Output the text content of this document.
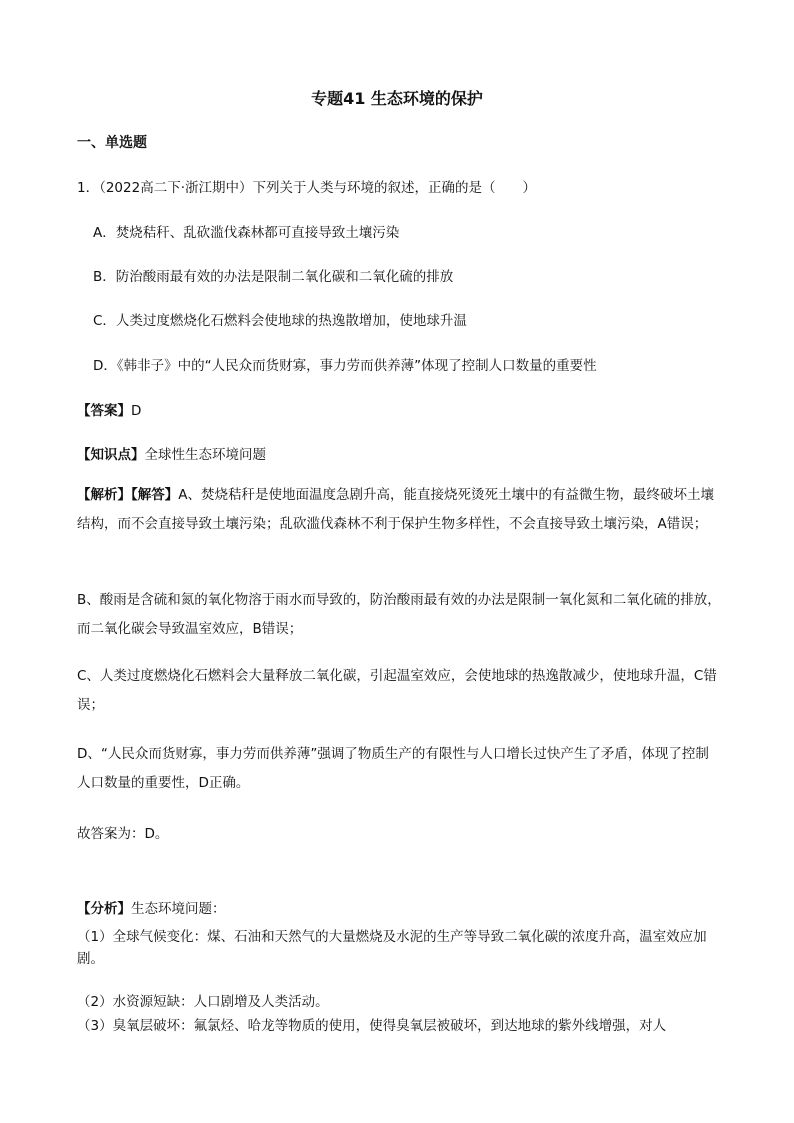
专题41 生态环境的保护
一、单选题
1．（2022高二下·浙江期中）下列关于人类与环境的叙述，正确的是（　　）
A．焚烧秸秆、乱砍滥伐森林都可直接导致土壤污染
B．防治酸雨最有效的办法是限制二氧化碳和二氧化硫的排放
C．人类过度燃烧化石燃料会使地球的热逸散增加，使地球升温
D．《韩非子》中的“人民众而货财寡，事力劳而供养薄”体现了控制人口数量的重要性
【答案】D
【知识点】全球性生态环境问题
【解析】【解答】A、焚烧秸秆是使地面温度急剧升高，能直接烧死烫死土壤中的有益微生物，最终破坏土壤结构，而不会直接导致土壤污染；乱砍滥伐森林不利于保护生物多样性，不会直接导致土壤污染，A错误；
B、酸雨是含硫和氮的氧化物溶于雨水而导致的，防治酸雨最有效的办法是限制一氧化氮和二氧化硫的排放，而二氧化碳会导致温室效应，B错误；
C、人类过度燃烧化石燃料会大量释放二氧化碳，引起温室效应，会使地球的热逸散减少，使地球升温，C错误；
D、“人民众而货财寡，事力劳而供养薄”强调了物质生产的有限性与人口增长过快产生了矛盾，体现了控制人口数量的重要性，D正确。
故答案为：D。
【分析】生态环境问题：
（1）全球气候变化：煤、石油和天然气的大量燃烧及水泥的生产等导致二氧化碳的浓度升高，温室效应加剧。
（2）水资源短缺：人口剧增及人类活动。
（3）臭氧层破坏：氟氯烃、哈龙等物质的使用，使得臭氧层被破坏，到达地球的紫外线增强，对人
